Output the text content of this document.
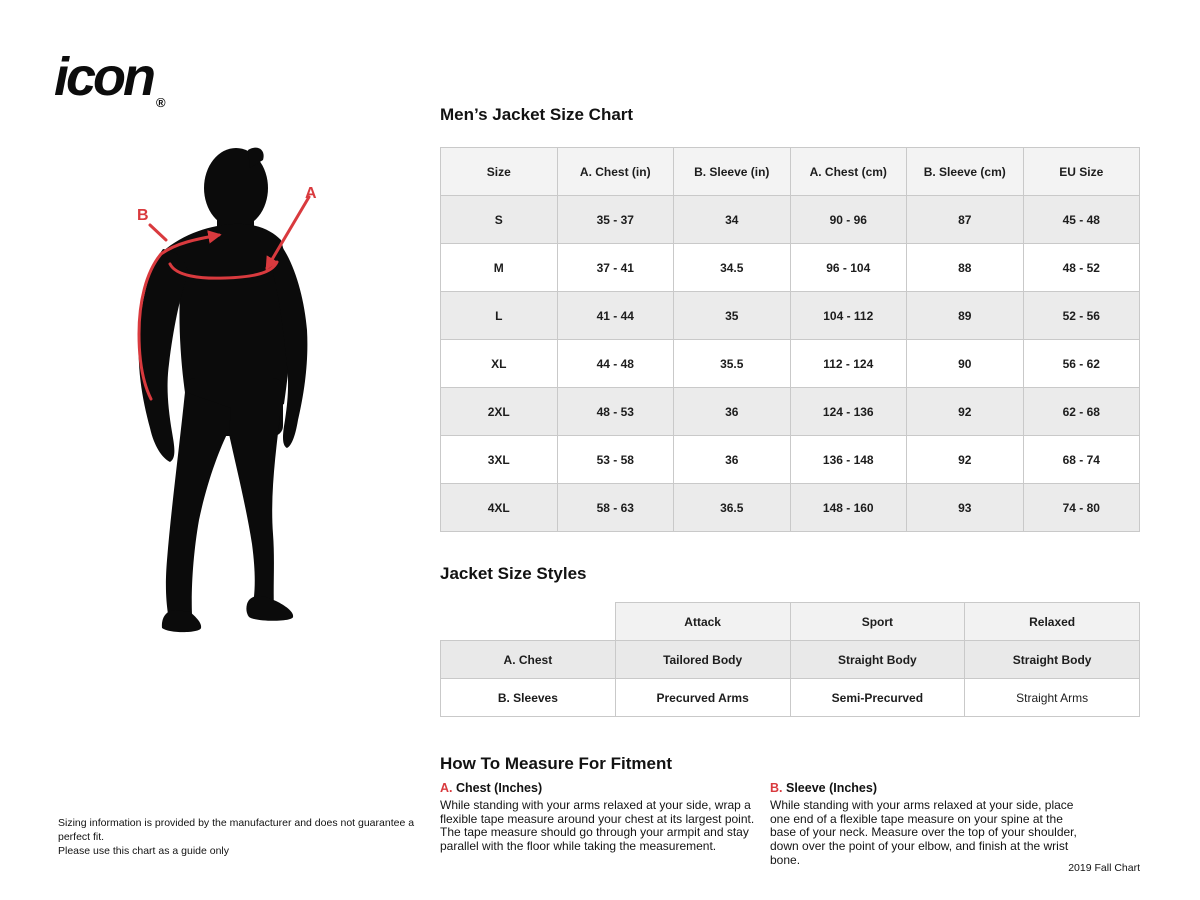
icon $_®$
A
B
Men’s Jacket Size Chart
Size	A. Chest (in)	B. Sleeve (in)	A. Chest (cm)	B. Sleeve (cm)	EU Size
S	35 - 37	34	90 - 96	87	45 - 48
M	37 - 41	34.5	96 - 104	88	48 - 52
L	41 - 44	35	104 - 112	89	52 - 56
XL	44 - 48	35.5	112 - 124	90	56 - 62
2XL	48 - 53	36	124 - 136	92	62 - 68
3XL	53 - 58	36	136 - 148	92	68 - 74
4XL	58 - 63	36.5	148 - 160	93	74 - 80
Jacket Size Styles
	Attack	Sport	Relaxed
A. Chest	Tailored Body	Straight Body	Straight Body
B. Sleeves	Precurved Arms	Semi-Precurved	Straight Arms
How To Measure For Fitment
A. Chest (Inches)

While standing with your arms relaxed at your side, wrap a flexible tape measure around your chest at its largest point. The tape measure should go through your armpit and stay parallel with the floor while taking the measurement.

B. Sleeve (Inches)

While standing with your arms relaxed at your side, place one end of a flexible tape measure on your spine at the base of your neck. Measure over the top of your shoulder, down over the point of your elbow, and finish at the wrist bone.

Sizing information is provided by the manufacturer and does not guarantee a perfect fit.
Please use this chart as a guide only
2019 Fall Chart
